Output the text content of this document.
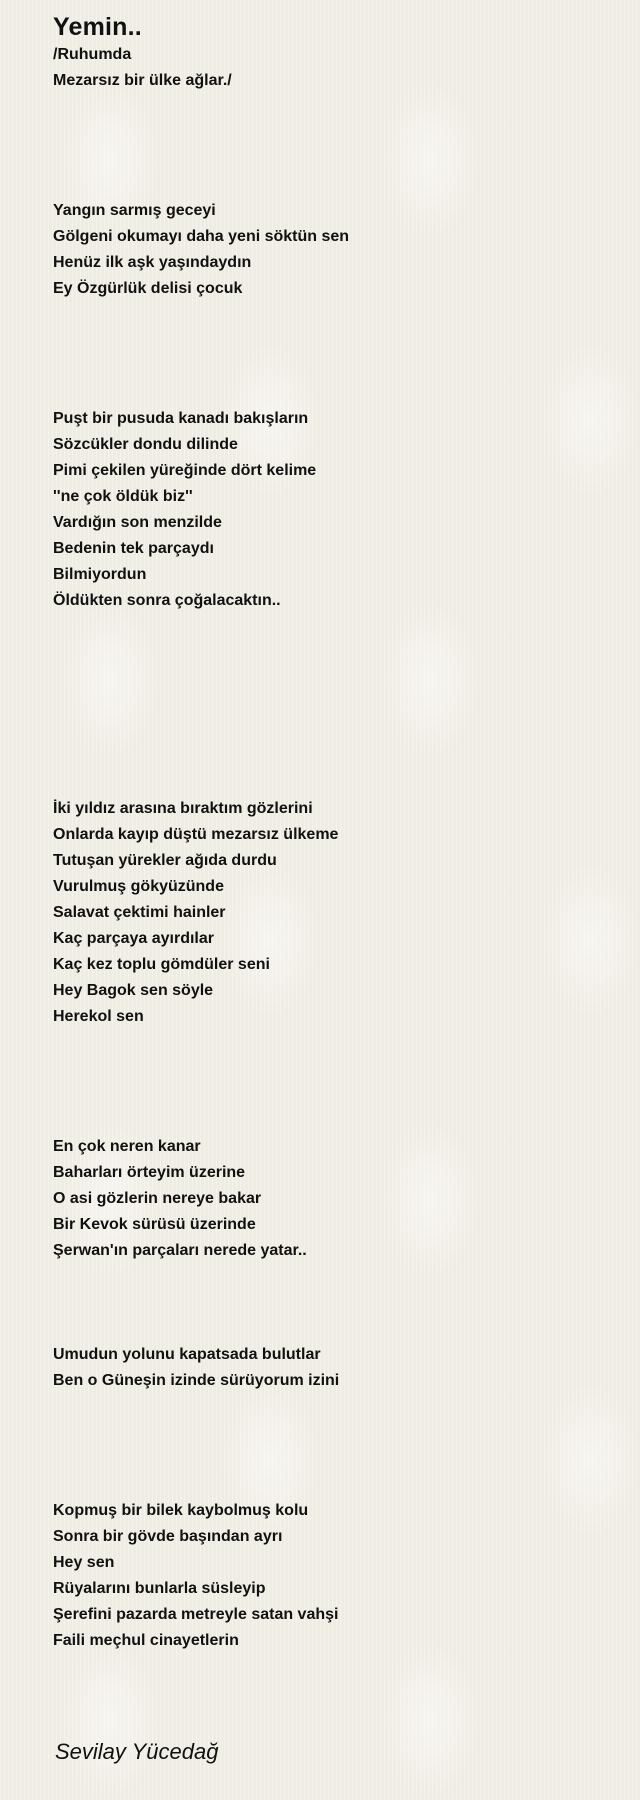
Yemin..
/Ruhumda
Mezarsız bir ülke ağlar./
Yangın sarmış geceyi
Gölgeni okumayı daha yeni söktün sen
Henüz ilk aşk yaşındaydın
Ey Özgürlük delisi çocuk
Puşt bir pusuda kanadı bakışların
Sözcükler dondu dilinde
Pimi çekilen yüreğinde dört kelime
''ne çok öldük biz''
Vardığın son menzilde
Bedenin tek parçaydı
Bilmiyordun
Öldükten sonra çoğalacaktın..
İki yıldız arasına bıraktım gözlerini
Onlarda kayıp düştü mezarsız ülkeme
Tutuşan yürekler ağıda durdu
Vurulmuş gökyüzünde
Salavat çektimi hainler
Kaç parçaya ayırdılar
Kaç kez toplu gömdüler seni
Hey Bagok sen söyle
Herekol sen
En çok neren kanar
Baharları örteyim üzerine
O asi gözlerin nereye bakar
Bir Kevok sürüsü üzerinde
Şerwan'ın parçaları nerede yatar..
Umudun yolunu kapatsada bulutlar
Ben o Güneşin izinde sürüyorum izini
Kopmuş bir bilek kaybolmuş kolu
Sonra bir gövde başından ayrı
Hey sen
Rüyalarını bunlarla süsleyip
Şerefini pazarda metreyle satan vahşi
Faili meçhul cinayetlerin
Sevilay Yücedağ
